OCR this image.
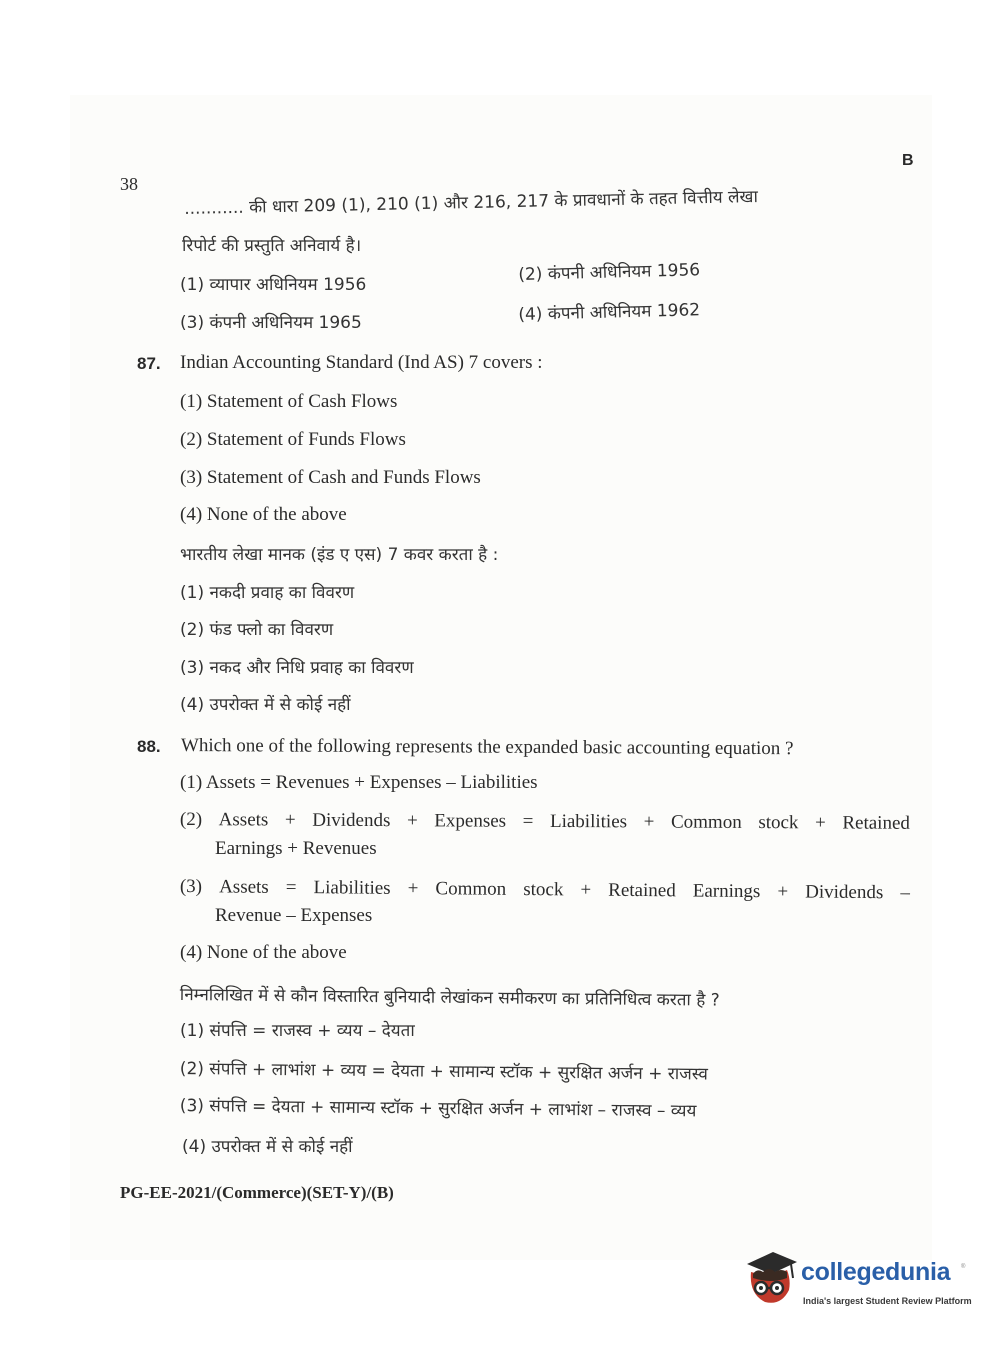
38
B
........... की धारा 209 (1), 210 (1) और 216, 217 के प्रावधानों के तहत वित्तीय लेखा
रिपोर्ट की प्रस्तुति अनिवार्य है।
(1) व्यापार अधिनियम 1956
(2) कंपनी अधिनियम 1956
(3) कंपनी अधिनियम 1965	(4) कंपनी अधिनियम 1962
87. Indian Accounting Standard (Ind AS) 7 covers :
(1) Statement of Cash Flows
(2) Statement of Funds Flows
(3) Statement of Cash and Funds Flows
(4) None of the above
भारतीय लेखा मानक (इंड ए एस) 7 कवर करता है :
(1) नकदी प्रवाह का विवरण
(2) फंड फ्लो का विवरण
(3) नकद और निधि प्रवाह का विवरण
(4) उपरोक्त में से कोई नहीं
88. Which one of the following represents the expanded basic accounting equation ?
(1) Assets = Revenues + Expenses – Liabilities
(2) Assets + Dividends + Expenses = Liabilities + Common stock + Retained
Earnings + Revenues
(3) Assets = Liabilities + Common stock + Retained Earnings + Dividends –
Revenue – Expenses
(4) None of the above
निम्नलिखित में से कौन विस्तारित बुनियादी लेखांकन समीकरण का प्रतिनिधित्व करता है ?
(1) संपत्ति = राजस्व + व्यय – देयता
(2) संपत्ति + लाभांश + व्यय = देयता + सामान्य स्टॉक + सुरक्षित अर्जन + राजस्व
(3) संपत्ति = देयता + सामान्य स्टॉक + सुरक्षित अर्जन + लाभांश – राजस्व – व्यय
(4) उपरोक्त में से कोई नहीं
PG-EE-2021/(Commerce)(SET-Y)/(B)
collegedunia ®
India's largest Student Review Platform
